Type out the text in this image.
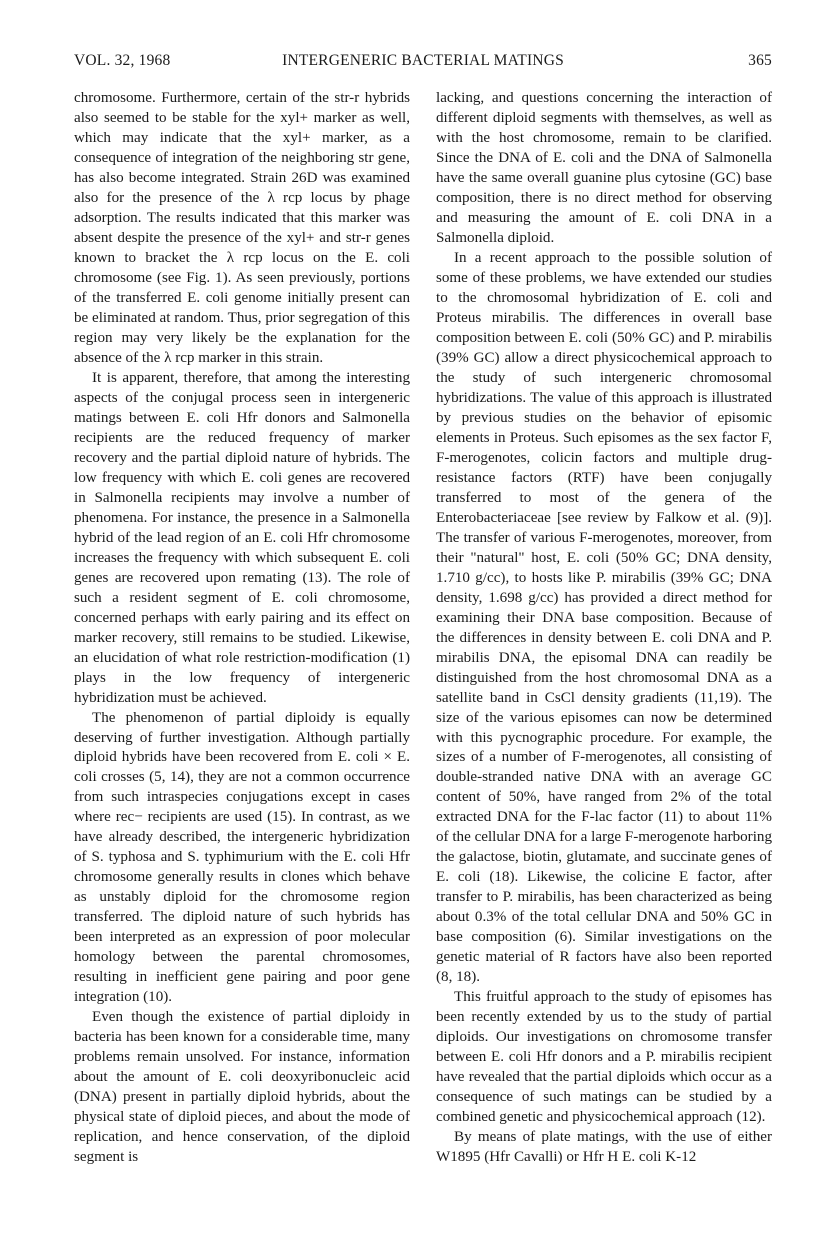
VOL. 32, 1968	INTERGENERIC BACTERIAL MATINGS	365

chromosome. Furthermore, certain of the str-r hybrids also seemed to be stable for the xyl+ marker as well, which may indicate that the xyl+ marker, as a consequence of integration of the neighboring str gene, has also become integrated. Strain 26D was examined also for the presence of the λ rcp locus by phage adsorption. The results indicated that this marker was absent despite the presence of the xyl+ and str-r genes known to bracket the λ rcp locus on the E. coli chromosome (see Fig. 1). As seen previously, portions of the transferred E. coli genome initially present can be eliminated at random. Thus, prior segregation of this region may very likely be the explanation for the absence of the λ rcp marker in this strain.

It is apparent, therefore, that among the interesting aspects of the conjugal process seen in intergeneric matings between E. coli Hfr donors and Salmonella recipients are the reduced frequency of marker recovery and the partial diploid nature of hybrids. The low frequency with which E. coli genes are recovered in Salmonella recipients may involve a number of phenomena. For instance, the presence in a Salmonella hybrid of the lead region of an E. coli Hfr chromosome increases the frequency with which subsequent E. coli genes are recovered upon remating (13). The role of such a resident segment of E. coli chromosome, concerned perhaps with early pairing and its effect on marker recovery, still remains to be studied. Likewise, an elucidation of what role restriction-modification (1) plays in the low frequency of intergeneric hybridization must be achieved.

The phenomenon of partial diploidy is equally deserving of further investigation. Although partially diploid hybrids have been recovered from E. coli × E. coli crosses (5, 14), they are not a common occurrence from such intraspecies conjugations except in cases where rec− recipients are used (15). In contrast, as we have already described, the intergeneric hybridization of S. typhosa and S. typhimurium with the E. coli Hfr chromosome generally results in clones which behave as unstably diploid for the chromosome region transferred. The diploid nature of such hybrids has been interpreted as an expression of poor molecular homology between the parental chromosomes, resulting in inefficient gene pairing and poor gene integration (10).

Even though the existence of partial diploidy in bacteria has been known for a considerable time, many problems remain unsolved. For instance, information about the amount of E. coli deoxyribonucleic acid (DNA) present in partially diploid hybrids, about the physical state of diploid pieces, and about the mode of replication, and hence conservation, of the diploid segment is

lacking, and questions concerning the interaction of different diploid segments with themselves, as well as with the host chromosome, remain to be clarified. Since the DNA of E. coli and the DNA of Salmonella have the same overall guanine plus cytosine (GC) base composition, there is no direct method for observing and measuring the amount of E. coli DNA in a Salmonella diploid.

In a recent approach to the possible solution of some of these problems, we have extended our studies to the chromosomal hybridization of E. coli and Proteus mirabilis. The differences in overall base composition between E. coli (50% GC) and P. mirabilis (39% GC) allow a direct physicochemical approach to the study of such intergeneric chromosomal hybridizations. The value of this approach is illustrated by previous studies on the behavior of episomic elements in Proteus. Such episomes as the sex factor F, F-merogenotes, colicin factors and multiple drug-resistance factors (RTF) have been conjugally transferred to most of the genera of the Enterobacteriaceae [see review by Falkow et al. (9)]. The transfer of various F-merogenotes, moreover, from their "natural" host, E. coli (50% GC; DNA density, 1.710 g/cc), to hosts like P. mirabilis (39% GC; DNA density, 1.698 g/cc) has provided a direct method for examining their DNA base composition. Because of the differences in density between E. coli DNA and P. mirabilis DNA, the episomal DNA can readily be distinguished from the host chromosomal DNA as a satellite band in CsCl density gradients (11,19). The size of the various episomes can now be determined with this pycnographic procedure. For example, the sizes of a number of F-merogenotes, all consisting of double-stranded native DNA with an average GC content of 50%, have ranged from 2% of the total extracted DNA for the F-lac factor (11) to about 11% of the cellular DNA for a large F-merogenote harboring the galactose, biotin, glutamate, and succinate genes of E. coli (18). Likewise, the colicine E factor, after transfer to P. mirabilis, has been characterized as being about 0.3% of the total cellular DNA and 50% GC in base composition (6). Similar investigations on the genetic material of R factors have also been reported (8, 18).

This fruitful approach to the study of episomes has been recently extended by us to the study of partial diploids. Our investigations on chromosome transfer between E. coli Hfr donors and a P. mirabilis recipient have revealed that the partial diploids which occur as a consequence of such matings can be studied by a combined genetic and physicochemical approach (12).

By means of plate matings, with the use of either W1895 (Hfr Cavalli) or Hfr H E. coli K-12
